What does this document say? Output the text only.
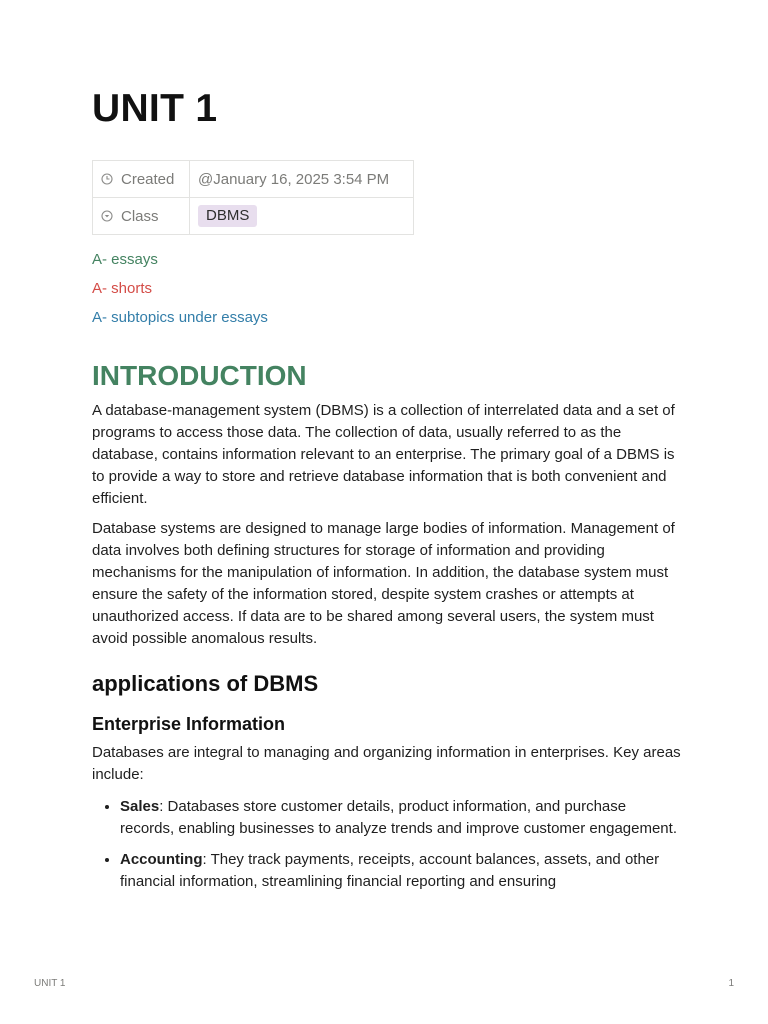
UNIT 1
Created	@January 16, 2025 3:54 PM
Class	DBMS
A- essays
A- shorts
A- subtopics under essays
INTRODUCTION

A database-management system (DBMS) is a collection of interrelated data and a set of programs to access those data. The collection of data, usually referred to as the database, contains information relevant to an enterprise. The primary goal of a DBMS is to provide a way to store and retrieve database information that is both convenient and efficient.

Database systems are designed to manage large bodies of information. Management of data involves both defining structures for storage of information and providing mechanisms for the manipulation of information. In addition, the database system must ensure the safety of the information stored, despite system crashes or attempts at unauthorized access. If data are to be shared among several users, the system must avoid possible anomalous results.

applications of DBMS
Enterprise Information

Databases are integral to managing and organizing information in enterprises. Key areas include:

• Sales: Databases store customer details, product information, and purchase records, enabling businesses to analyze trends and improve customer engagement.
• Accounting: They track payments, receipts, account balances, assets, and other financial information, streamlining financial reporting and ensuring
UNIT 1	1
